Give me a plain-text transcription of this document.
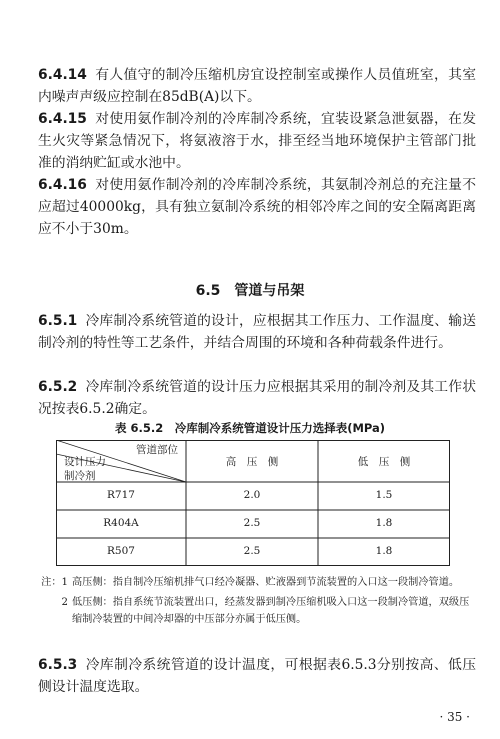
6.4.14 有人值守的制冷压缩机房宜设控制室或操作人员值班室，其室内噪声声级应控制在85dB(A)以下。
6.4.15 对使用氨作制冷剂的冷库制冷系统，宜装设紧急泄氨器，在发生火灾等紧急情况下，将氨液溶于水，排至经当地环境保护主管部门批准的消纳贮缸或水池中。
6.4.16 对使用氨作制冷剂的冷库制冷系统，其氨制冷剂总的充注量不应超过40000kg，具有独立氨制冷系统的相邻冷库之间的安全隔离距离应不小于30m。
6.5 管道与吊架
6.5.1 冷库制冷系统管道的设计，应根据其工作压力、工作温度、输送制冷剂的特性等工艺条件，并结合周围的环境和各种荷载条件进行。
6.5.2 冷库制冷系统管道的设计压力应根据其采用的制冷剂及其工作状况按表6.5.2确定。
表 6.5.2　冷库制冷系统管道设计压力选择表(MPa)
管道部位
设计压力
制冷剂
高　压　侧	低　压　侧
R717	2.0	1.5
R404A	2.5	1.8
R507	2.5	1.8
注：1 高压侧：指自制冷压缩机排气口经冷凝器、贮液器到节流装置的入口这一段制冷管道。
2 低压侧：指自系统节流装置出口，经蒸发器到制冷压缩机吸入口这一段制冷管道，双级压缩制冷装置的中间冷却器的中压部分亦属于低压侧。
6.5.3 冷库制冷系统管道的设计温度，可根据表6.5.3分别按高、低压侧设计温度选取。
· 35 ·
